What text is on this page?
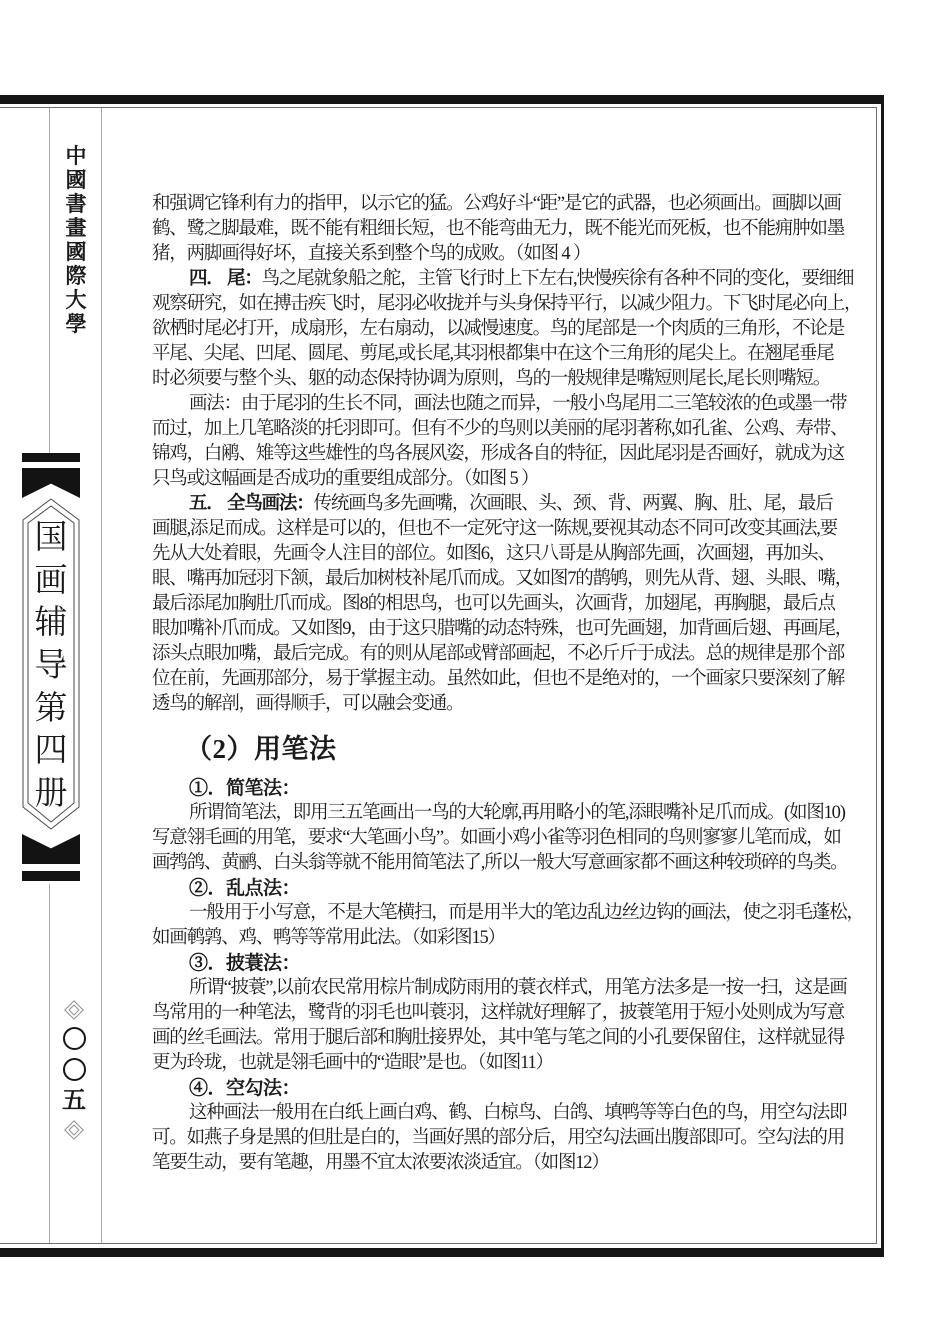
中
國
書
畫
國
際
大
學
国
画
辅
导
第
四
册
五
和强调它锋利有力的指甲，以示它的猛。公鸡好斗“距”是它的武器，也必须画出。画脚以画
鹤、鹭之脚最难，既不能有粗细长短，也不能弯曲无力，既不能光而死板，也不能痈肿如墨
猪，两脚画得好坏，直接关系到整个鸟的成败。（如图 4 ）
四． 尾：鸟之尾就象船之舵，主管飞行时上下左右,快慢疾徐有各种不同的变化，要细细
观察研究，如在搏击疾飞时，尾羽必收拢并与头身保持平行，以减少阻力。下飞时尾必向上，
欲栖时尾必打开，成扇形，左右扇动，以减慢速度。鸟的尾部是一个肉质的三角形，不论是
平尾、尖尾、凹尾、圆尾、剪尾,或长尾,其羽根都集中在这个三角形的尾尖上。在翘尾垂尾
时必须要与整个头、躯的动态保持协调为原则，鸟的一般规律是嘴短则尾长,尾长则嘴短。
画法：由于尾羽的生长不同，画法也随之而异，一般小鸟尾用二三笔较浓的色或墨一带
而过，加上几笔略淡的托羽即可。但有不少的鸟则以美丽的尾羽著称,如孔雀、公鸡、寿带、
锦鸡，白鹇、雉等这些雄性的鸟各展风姿，形成各自的特征，因此尾羽是否画好，就成为这
只鸟或这幅画是否成功的重要组成部分。（如图 5 ）
五． 全鸟画法：传统画鸟多先画嘴，次画眼、头、颈、背、两翼、胸、肚、尾，最后
画腿,添足而成。这样是可以的，但也不一定死守这一陈规,要视其动态不同可改变其画法,要
先从大处着眼，先画令人注目的部位。如图6，这只八哥是从胸部先画，次画翅，再加头、
眼、嘴再加冠羽下颔，最后加树枝补尾爪而成。又如图7的鹊鸲，则先从背、翅、头眼、嘴，
最后添尾加胸肚爪而成。图8的相思鸟，也可以先画头，次画背，加翅尾，再胸腿，最后点
眼加嘴补爪而成。又如图9，由于这只腊嘴的动态特殊，也可先画翅，加背画后翅、再画尾，
添头点眼加嘴，最后完成。有的则从尾部或臂部画起，不必斤斤于成法。总的规律是那个部
位在前，先画那部分，易于掌握主动。虽然如此，但也不是绝对的，一个画家只要深刻了解
透鸟的解剖，画得顺手，可以融会变通。
（2）用笔法
①．简笔法：
所谓简笔法，即用三五笔画出一鸟的大轮廓,再用略小的笔,添眼嘴补足爪而成。(如图10)
写意翎毛画的用笔，要求“大笔画小鸟”。如画小鸡小雀等羽色相同的鸟则寥寥儿笔而成，如
画鹁鸽、黄鹂、白头翁等就不能用简笔法了,所以一般大写意画家都不画这种较琐碎的鸟类。
②．乱点法：
一般用于小写意，不是大笔横扫，而是用半大的笔边乱边丝边钩的画法，使之羽毛蓬松，
如画鹌鹑、鸡、鸭等等常用此法。（如彩图15）
③．披蓑法：
所谓“披蓑”,以前农民常用棕片制成防雨用的蓑衣样式，用笔方法多是一按一扫，这是画
鸟常用的一种笔法，鹭背的羽毛也叫蓑羽，这样就好理解了，披蓑笔用于短小处则成为写意
画的丝毛画法。常用于腿后部和胸肚接界处，其中笔与笔之间的小孔要保留住，这样就显得
更为玲珑，也就是翎毛画中的“造眼”是也。（如图11）
④．空勾法：
这种画法一般用在白纸上画白鸡、鹤、白椋鸟、白鸽、填鸭等等白色的鸟，用空勾法即
可。如燕子身是黑的但肚是白的，当画好黑的部分后，用空勾法画出腹部即可。空勾法的用
笔要生动，要有笔趣，用墨不宜太浓要浓淡适宜。（如图12）
